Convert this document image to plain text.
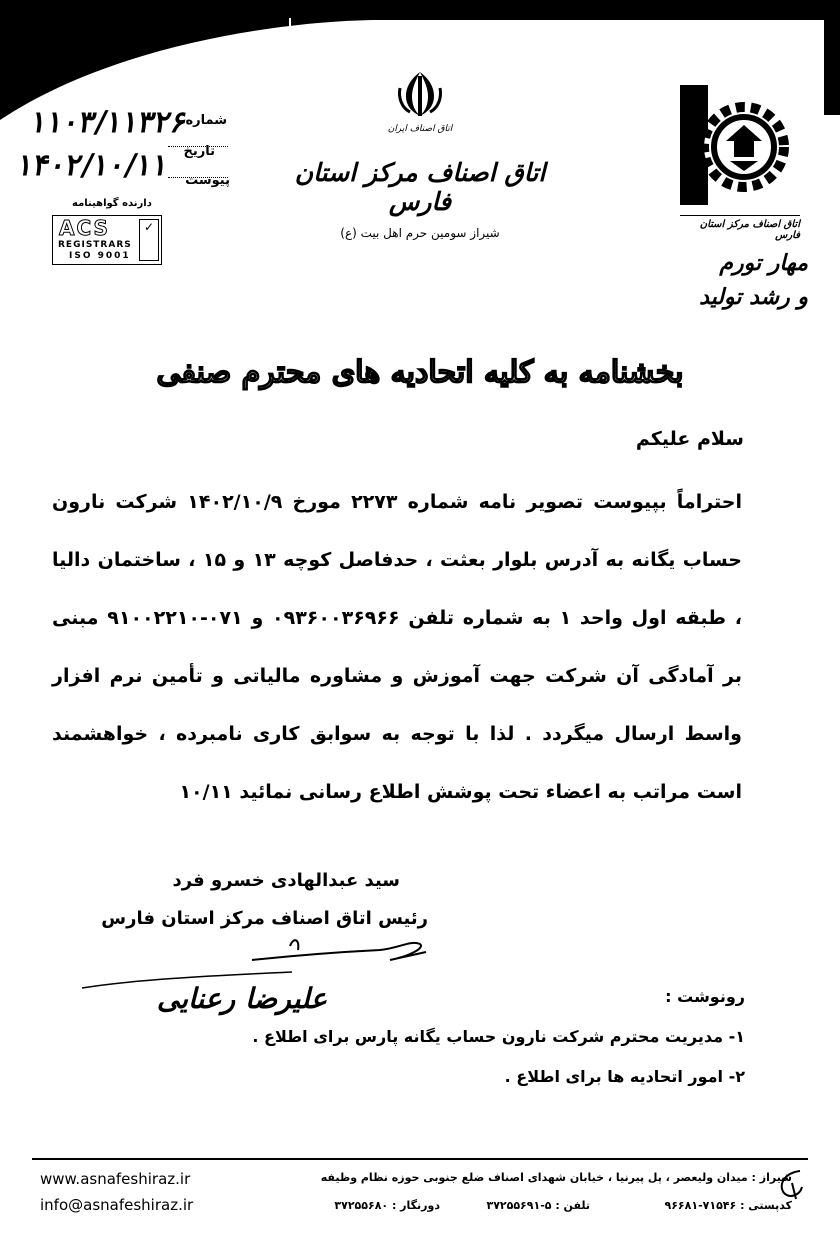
شماره
تاریخ
پیوست
۱۱۰۳/۱۱۳۲۶
۱۴۰۲/۱۰/۱۱
دارنده گواهینامه
ACS
REGISTRARS
ISO 9001
✓
اتاق اصناف ایران
اتاق اصناف مرکز استان فارس
شیراز سومین حرم اهل بیت (ع)
اتاق اصناف مرکز استان فارس
مهار تورم
و رشد تولید
بخشنامه به کلیه اتحادیه های محترم صنفی
سلام علیکم
احتراماً بپیوست تصویر نامه شماره ۲۲۷۳ مورخ ۱۴۰۲/۱۰/۹ شرکت نارون حساب یگانه به آدرس بلوار بعثت ، حدفاصل کوچه ۱۳ و ۱۵ ، ساختمان دالیا ، طبقه اول واحد ۱ به شماره تلفن ۰۹۳۶۰۰۳۶۹۶۶ و ۰۷۱-۹۱۰۰۲۲۱۰ مبنی بر آمادگی آن شرکت جهت آموزش و مشاوره مالیاتی و تأمین نرم افزار واسط ارسال میگردد . لذا با توجه به سوابق کاری نامبرده ، خواهشمند است مراتب به اعضاء تحت پوشش اطلاع رسانی نمائید ۱۰/۱۱
سید عبدالهادی خسرو فرد
رئیس اتاق اصناف مرکز استان فارس
علیرضا رعنایی	رونوشت :
۱- مدیریت محترم شرکت نارون حساب یگانه پارس برای اطلاع .
۲- امور اتحادیه ها برای اطلاع .
www.asnafeshiraz.ir
info@asnafeshiraz.ir
شیراز : میدان ولیعصر ، پل پیرنیا ، خیابان شهدای اصناف ضلع جنوبی حوزه نظام وظیفه
کدپستی : ۷۱۵۴۶-۹۶۶۸۱
تلفن : ۵-۳۷۲۵۵۶۹۱
دورنگار : ۳۷۲۵۵۶۸۰
